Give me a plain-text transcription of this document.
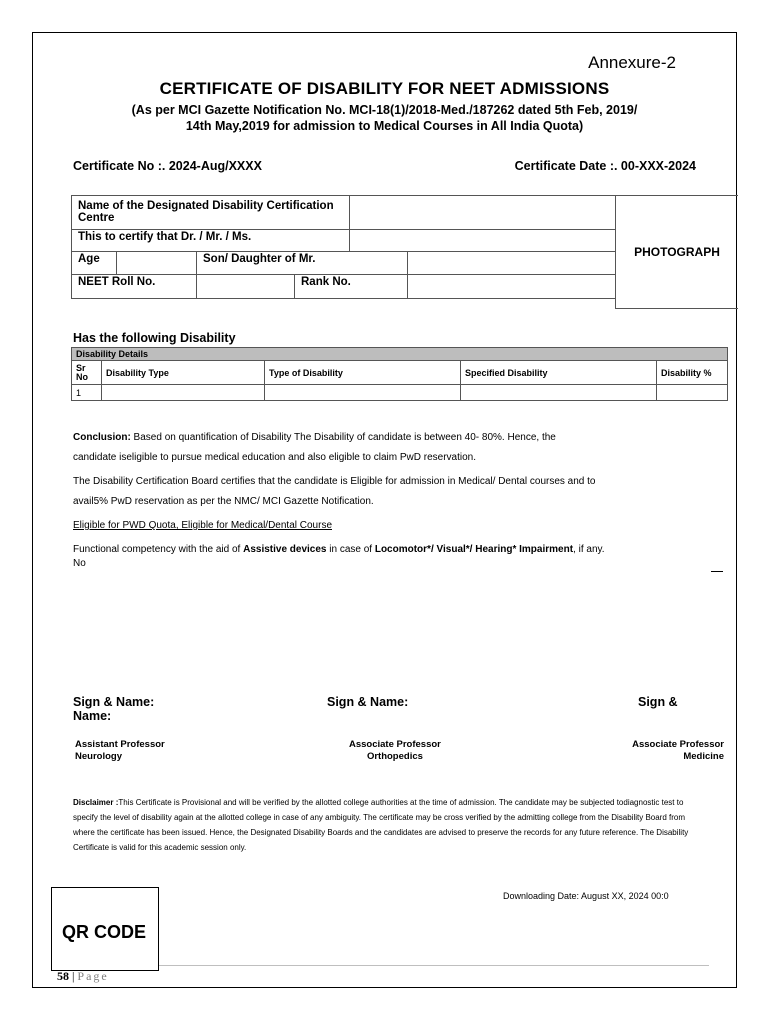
Annexure-2
CERTIFICATE OF DISABILITY FOR NEET ADMISSIONS
(As per MCI Gazette Notification No. MCI-18(1)/2018-Med./187262 dated 5th Feb, 2019/
14th May,2019 for admission to Medical Courses in All India Quota)
Certificate No :. 2024-Aug/XXXX	Certificate Date :. 00-XXX-2024
Name of the Designated Disability Certification Centre					
This to certify that Dr. / Mr. / Ms.					
Age		Son/ Daughter of Mr.			
NEET Roll No.			Rank No.		
PHOTOGRAPH
Has the following Disability
Disability Details				
Sr No	Disability Type	Type of Disability	Specified Disability	Disability %
1				
Conclusion: Based on quantification of Disability The Disability of candidate is between 40- 80%. Hence, the
candidate iseligible to pursue medical education and also eligible to claim PwD reservation.
The Disability Certification Board certifies that the candidate is Eligible for admission in Medical/ Dental courses and to
avail5% PwD reservation as per the NMC/ MCI Gazette Notification.
Eligible for PWD Quota, Eligible for Medical/Dental Course
Functional competency with the aid of Assistive devices in case of Locomotor*/ Visual*/ Hearing* Impairment, if any.
No
Sign & Name:
Name:
Sign & Name:	Sign &
Assistant Professor
Neurology
Associate Professor
Orthopedics
Associate Professor
Medicine
Disclaimer :This Certificate is Provisional and will be verified by the allotted college authorities at the time of admission. The candidate may be subjected todiagnostic test to specify the level of disability again at the allotted college in case of any ambiguity. The certificate may be cross verified by the admitting college from the Disability Board from where the certificate has been issued. Hence, the Designated Disability Boards and the candidates are advised to preserve the records for any future reference. The Disability Certificate is valid for this academic session only.
Downloading Date: August XX, 2024 00:0
QR CODE
58 | Page
